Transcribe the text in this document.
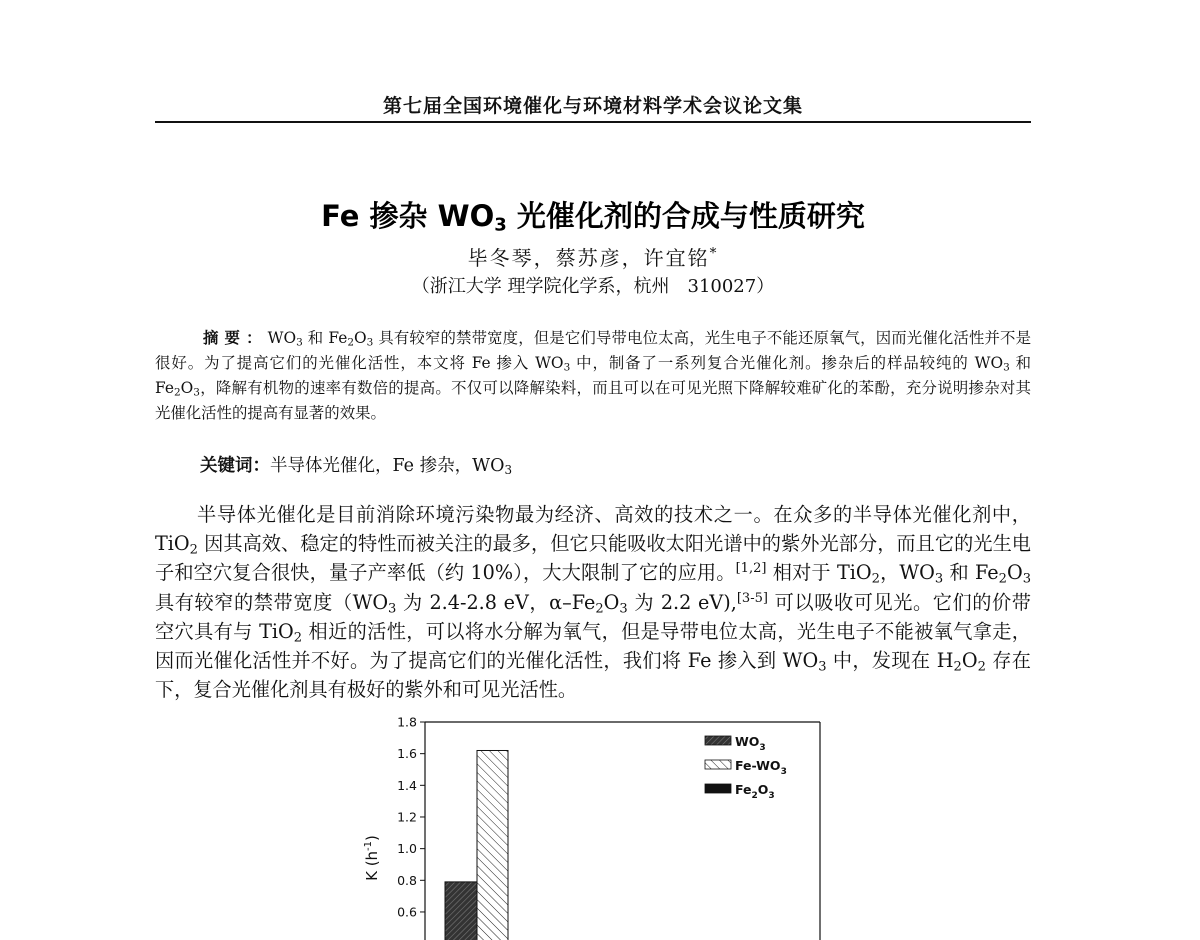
第七届全国环境催化与环境材料学术会议论文集
Fe 掺杂 $WO_3$ 光催化剂的合成与性质研究
毕冬琴，蔡苏彦，许宜铭*
（浙江大学 理学院化学系，杭州　310027）

摘要：$WO_3$ 和 $Fe_2O_3$ 具有较窄的禁带宽度，但是它们导带电位太高，光生电子不能还原氧气，因而光催化活性并不是很好。为了提高它们的光催化活性，本文将 Fe 掺入 $WO_3$ 中，制备了一系列复合光催化剂。掺杂后的样品较纯的 $WO_3$ 和 $Fe_2O_3$，降解有机物的速率有数倍的提高。不仅可以降解染料，而且可以在可见光照下降解较难矿化的苯酚，充分说明掺杂对其光催化活性的提高有显著的效果。

关键词：半导体光催化，Fe 掺杂，$WO_3$

半导体光催化是目前消除环境污染物最为经济、高效的技术之一。在众多的半导体光催化剂中，TiO$_2$ 因其高效、稳定的特性而被关注的最多，但它只能吸收太阳光谱中的紫外光部分，而且它的光生电子和空穴复合很快，量子产率低（约 10%），大大限制了它的应用。[1,2] 相对于 TiO$_2$，$WO_3$ 和 $Fe_2O_3$ 具有较窄的禁带宽度（$WO_3$ 为 2.4-2.8 eV，$\alpha-Fe_2O_3$ 为 2.2 eV),[3-5] 可以吸收可见光。它们的价带空穴具有与 TiO$_2$ 相近的活性，可以将水分解为氧气，但是导带电位太高，光生电子不能被氧气拿走，因而光催化活性并不好。为了提高它们的光催化活性，我们将 Fe 掺入到 $WO_3$ 中，发现在 $H_2O_2$ 存在下，复合光催化剂具有极好的紫外和可见光活性。

1.8
1.6
1.4
1.2
1.0
0.8
0.6
K $(h^{-1})$
$WO_3$
$Fe-WO_3$
$Fe_2O_3$
